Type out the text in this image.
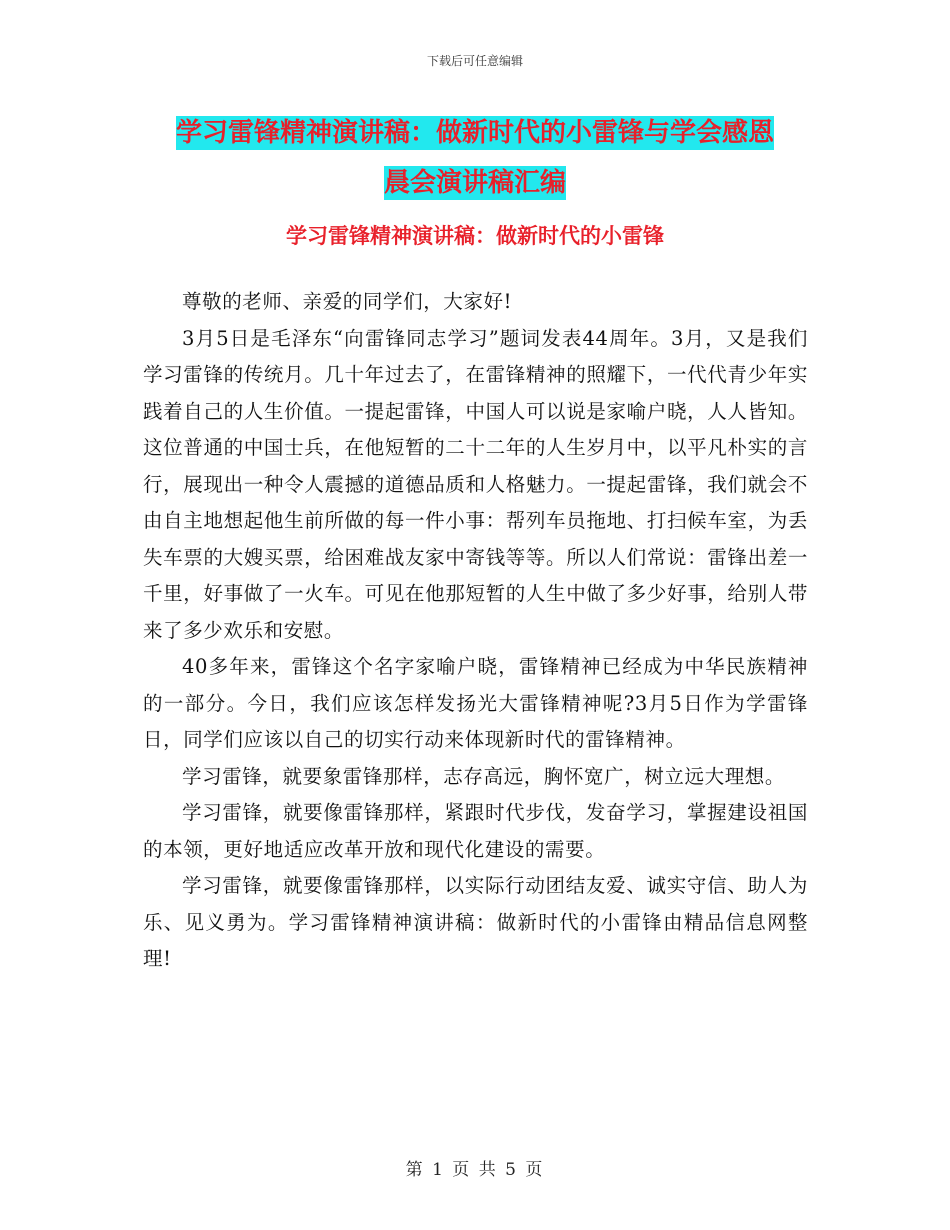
下载后可任意编辑
学习雷锋精神演讲稿：做新时代的小雷锋与学会感恩
晨会演讲稿汇编
学习雷锋精神演讲稿：做新时代的小雷锋

尊敬的老师、亲爱的同学们，大家好!

3月5日是毛泽东“向雷锋同志学习”题词发表44周年。3月，又是我们学习雷锋的传统月。几十年过去了，在雷锋精神的照耀下，一代代青少年实践着自己的人生价值。一提起雷锋，中国人可以说是家喻户晓，人人皆知。这位普通的中国士兵，在他短暂的二十二年的人生岁月中，以平凡朴实的言行，展现出一种令人震撼的道德品质和人格魅力。一提起雷锋，我们就会不由自主地想起他生前所做的每一件小事：帮列车员拖地、打扫候车室，为丢失车票的大嫂买票，给困难战友家中寄钱等等。所以人们常说：雷锋出差一千里，好事做了一火车。可见在他那短暂的人生中做了多少好事，给别人带来了多少欢乐和安慰。

40多年来，雷锋这个名字家喻户晓，雷锋精神已经成为中华民族精神的一部分。今日，我们应该怎样发扬光大雷锋精神呢?3月5日作为学雷锋日，同学们应该以自己的切实行动来体现新时代的雷锋精神。

学习雷锋，就要象雷锋那样，志存高远，胸怀宽广，树立远大理想。

学习雷锋，就要像雷锋那样，紧跟时代步伐，发奋学习，掌握建设祖国的本领，更好地适应改革开放和现代化建设的需要。

学习雷锋，就要像雷锋那样，以实际行动团结友爱、诚实守信、助人为乐、见义勇为。学习雷锋精神演讲稿：做新时代的小雷锋由精品信息网整理!

第 1 页 共 5 页
